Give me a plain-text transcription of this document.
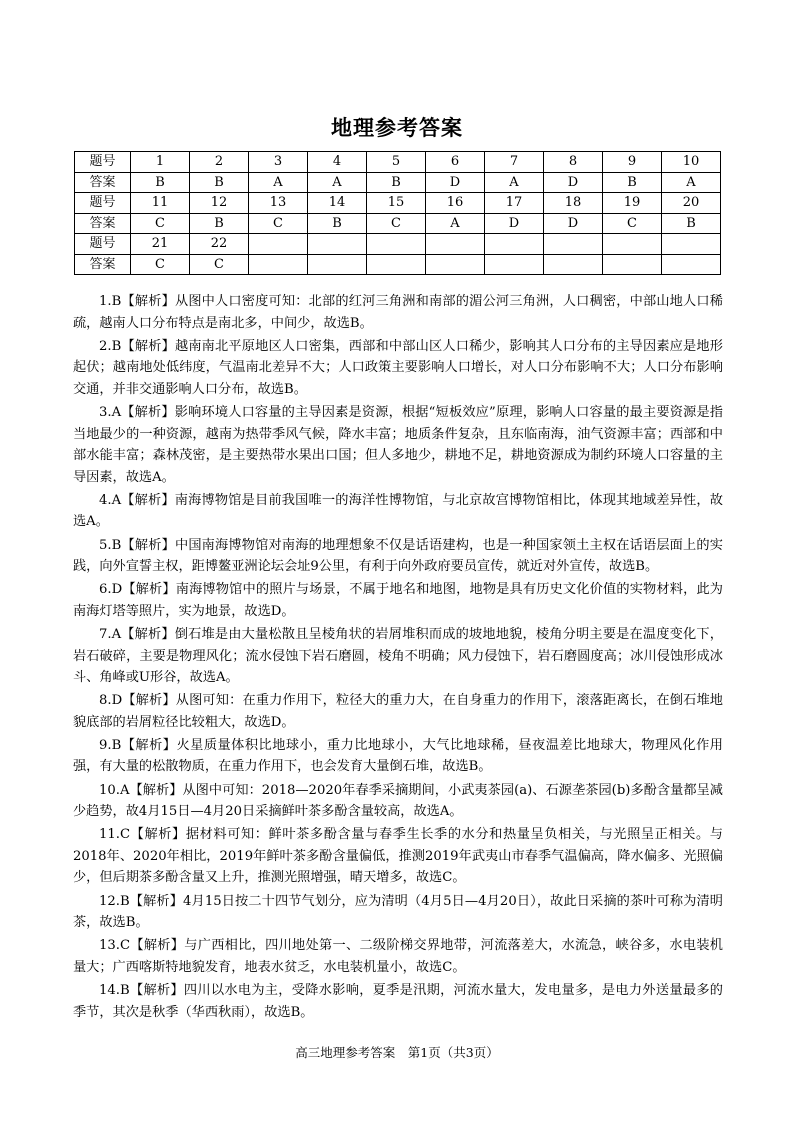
地理参考答案
题号	1	2	3	4	5	6	7	8	9	10
答案	B	B	A	A	B	D	A	D	B	A
题号	11	12	13	14	15	16	17	18	19	20
答案	C	B	C	B	C	A	D	D	C	B
题号	21	22								
答案	C	C								

1.B【解析】从图中人口密度可知：北部的红河三角洲和南部的湄公河三角洲，人口稠密，中部山地人口稀疏，越南人口分布特点是南北多，中间少，故选B。

2.B【解析】越南南北平原地区人口密集，西部和中部山区人口稀少，影响其人口分布的主导因素应是地形起伏；越南地处低纬度，气温南北差异不大；人口政策主要影响人口增长，对人口分布影响不大；人口分布影响交通，并非交通影响人口分布，故选B。

3.A【解析】影响环境人口容量的主导因素是资源，根据“短板效应”原理，影响人口容量的最主要资源是指当地最少的一种资源，越南为热带季风气候，降水丰富；地质条件复杂，且东临南海，油气资源丰富；西部和中部水能丰富；森林茂密，是主要热带水果出口国；但人多地少，耕地不足，耕地资源成为制约环境人口容量的主导因素，故选A。

4.A【解析】南海博物馆是目前我国唯一的海洋性博物馆，与北京故宫博物馆相比，体现其地域差异性，故选A。

5.B【解析】中国南海博物馆对南海的地理想象不仅是话语建构，也是一种国家领土主权在话语层面上的实践，向外宣誓主权，距博鳌亚洲论坛会址9公里，有利于向外政府要员宣传，就近对外宣传，故选B。

6.D【解析】南海博物馆中的照片与场景，不属于地名和地图，地物是具有历史文化价值的实物材料，此为南海灯塔等照片，实为地景，故选D。

7.A【解析】倒石堆是由大量松散且呈棱角状的岩屑堆积而成的坡地地貌，棱角分明主要是在温度变化下，岩石破碎，主要是物理风化；流水侵蚀下岩石磨圆，棱角不明确；风力侵蚀下，岩石磨圆度高；冰川侵蚀形成冰斗、角峰或U形谷，故选A。

8.D【解析】从图可知：在重力作用下，粒径大的重力大，在自身重力的作用下，滚落距离长，在倒石堆地貌底部的岩屑粒径比较粗大，故选D。

9.B【解析】火星质量体积比地球小，重力比地球小，大气比地球稀，昼夜温差比地球大，物理风化作用强，有大量的松散物质，在重力作用下，也会发育大量倒石堆，故选B。

10.A【解析】从图中可知：2018—2020年春季采摘期间，小武夷茶园(a)、石源垄茶园(b)多酚含量都呈减少趋势，故4月15日—4月20日采摘鲜叶茶多酚含量较高，故选A。

11.C【解析】据材料可知：鲜叶茶多酚含量与春季生长季的水分和热量呈负相关，与光照呈正相关。与2018年、2020年相比，2019年鲜叶茶多酚含量偏低，推测2019年武夷山市春季气温偏高，降水偏多、光照偏少，但后期茶多酚含量又上升，推测光照增强，晴天增多，故选C。

12.B【解析】4月15日按二十四节气划分，应为清明（4月5日—4月20日），故此日采摘的茶叶可称为清明茶，故选B。

13.C【解析】与广西相比，四川地处第一、二级阶梯交界地带，河流落差大，水流急，峡谷多，水电装机量大；广西喀斯特地貌发育，地表水贫乏，水电装机量小，故选C。

14.B【解析】四川以水电为主，受降水影响，夏季是汛期，河流水量大，发电量多，是电力外送量最多的季节，其次是秋季（华西秋雨），故选B。

高三地理参考答案　第1页（共3页）
